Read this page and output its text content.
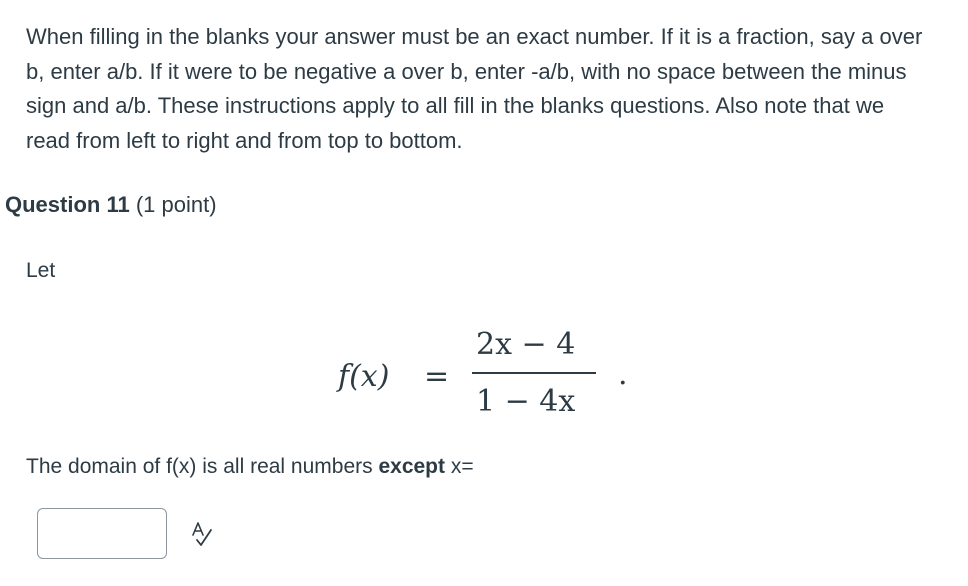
When filling in the blanks your answer must be an exact number. If it is a fraction, say a over b, enter a/b. If it were to be negative a over b, enter -a/b, with no space between the minus sign and a/b. These instructions apply to all fill in the blanks questions. Also note that we read from left to right and from top to bottom.

Question 11 (1 point)
Let
f(x) =
2x − 4
1 − 4x
.
The domain of f(x) is all real numbers except x=
